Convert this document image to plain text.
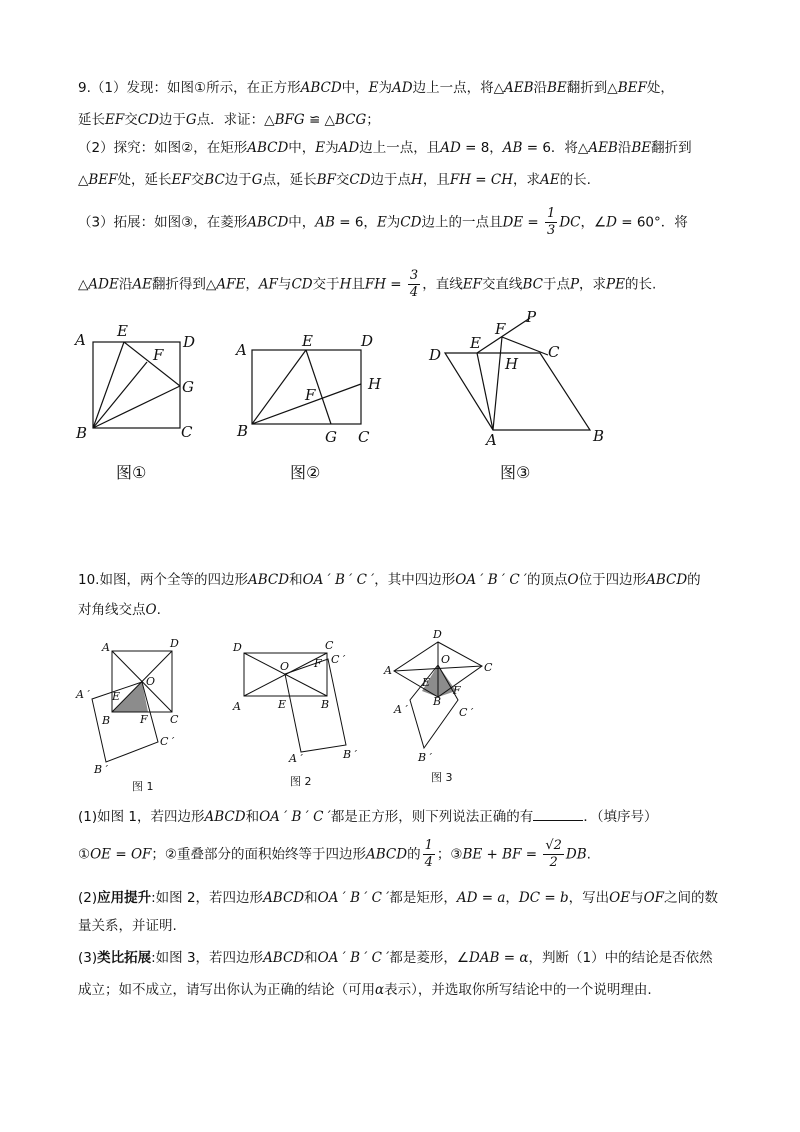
9.（1）发现：如图①所示，在正方形ABCD中，E为AD边上一点，将△AEB沿BE翻折到△BEF处，
延长EF交CD边于G点．求证：△BFG ≌ △BCG；
（2）探究：如图②，在矩形ABCD中，E为AD边上一点，且AD = 8，AB = 6．将△AEB沿BE翻折到
△BEF处，延长EF交BC边于G点，延长BF交CD边于点H，且FH = CH，求AE的长.
（3）拓展：如图③，在菱形ABCD中，AB = 6，E为CD边上的一点且DE = $\frac{1}{3}$ DC，∠D = 60°．将
△ADE沿AE翻折得到△AFE，AF与CD交于H且FH = $\frac{3}{4}$ ，直线EF交直线BC于点P，求PE的长.
A E
D
F
G
B	C
图①
A	E	D
H
F
B	G C
图②
P
F
D
E
H
C
A	B
图③
10.如图，两个全等的四边形ABCD和OA ′ B ′ C ′，其中四边形OA ′ B ′ C ′的顶点O位于四边形ABCD的
对角线交点O.
A	D
O
A ′ E
B	F C
C ′
B ′
图 1
D	C
F C ′
O
A	E	B
A ′	B ′
图 2
D
A
O
C
E
F
B
A ′	C ′
B ′
图 3
(1)如图 1，若四边形ABCD和OA ′ B ′ C ′都是正方形，则下列说法正确的有	．（填序号）
①OE = OF；②重叠部分的面积始终等于四边形ABCD的 $\frac{1}{4}$ ；③BE + BF = $\frac{√2}{2}$ DB.
(2)应用提升:如图 2，若四边形ABCD和OA ′ B ′ C ′都是矩形，AD = a，DC = b，写出OE与OF之间的数
量关系，并证明.
(3)类比拓展:如图 3，若四边形ABCD和OA ′ B ′ C ′都是菱形，∠DAB = α，判断（1）中的结论是否依然
成立；如不成立，请写出你认为正确的结论（可用α表示），并选取你所写结论中的一个说明理由.
